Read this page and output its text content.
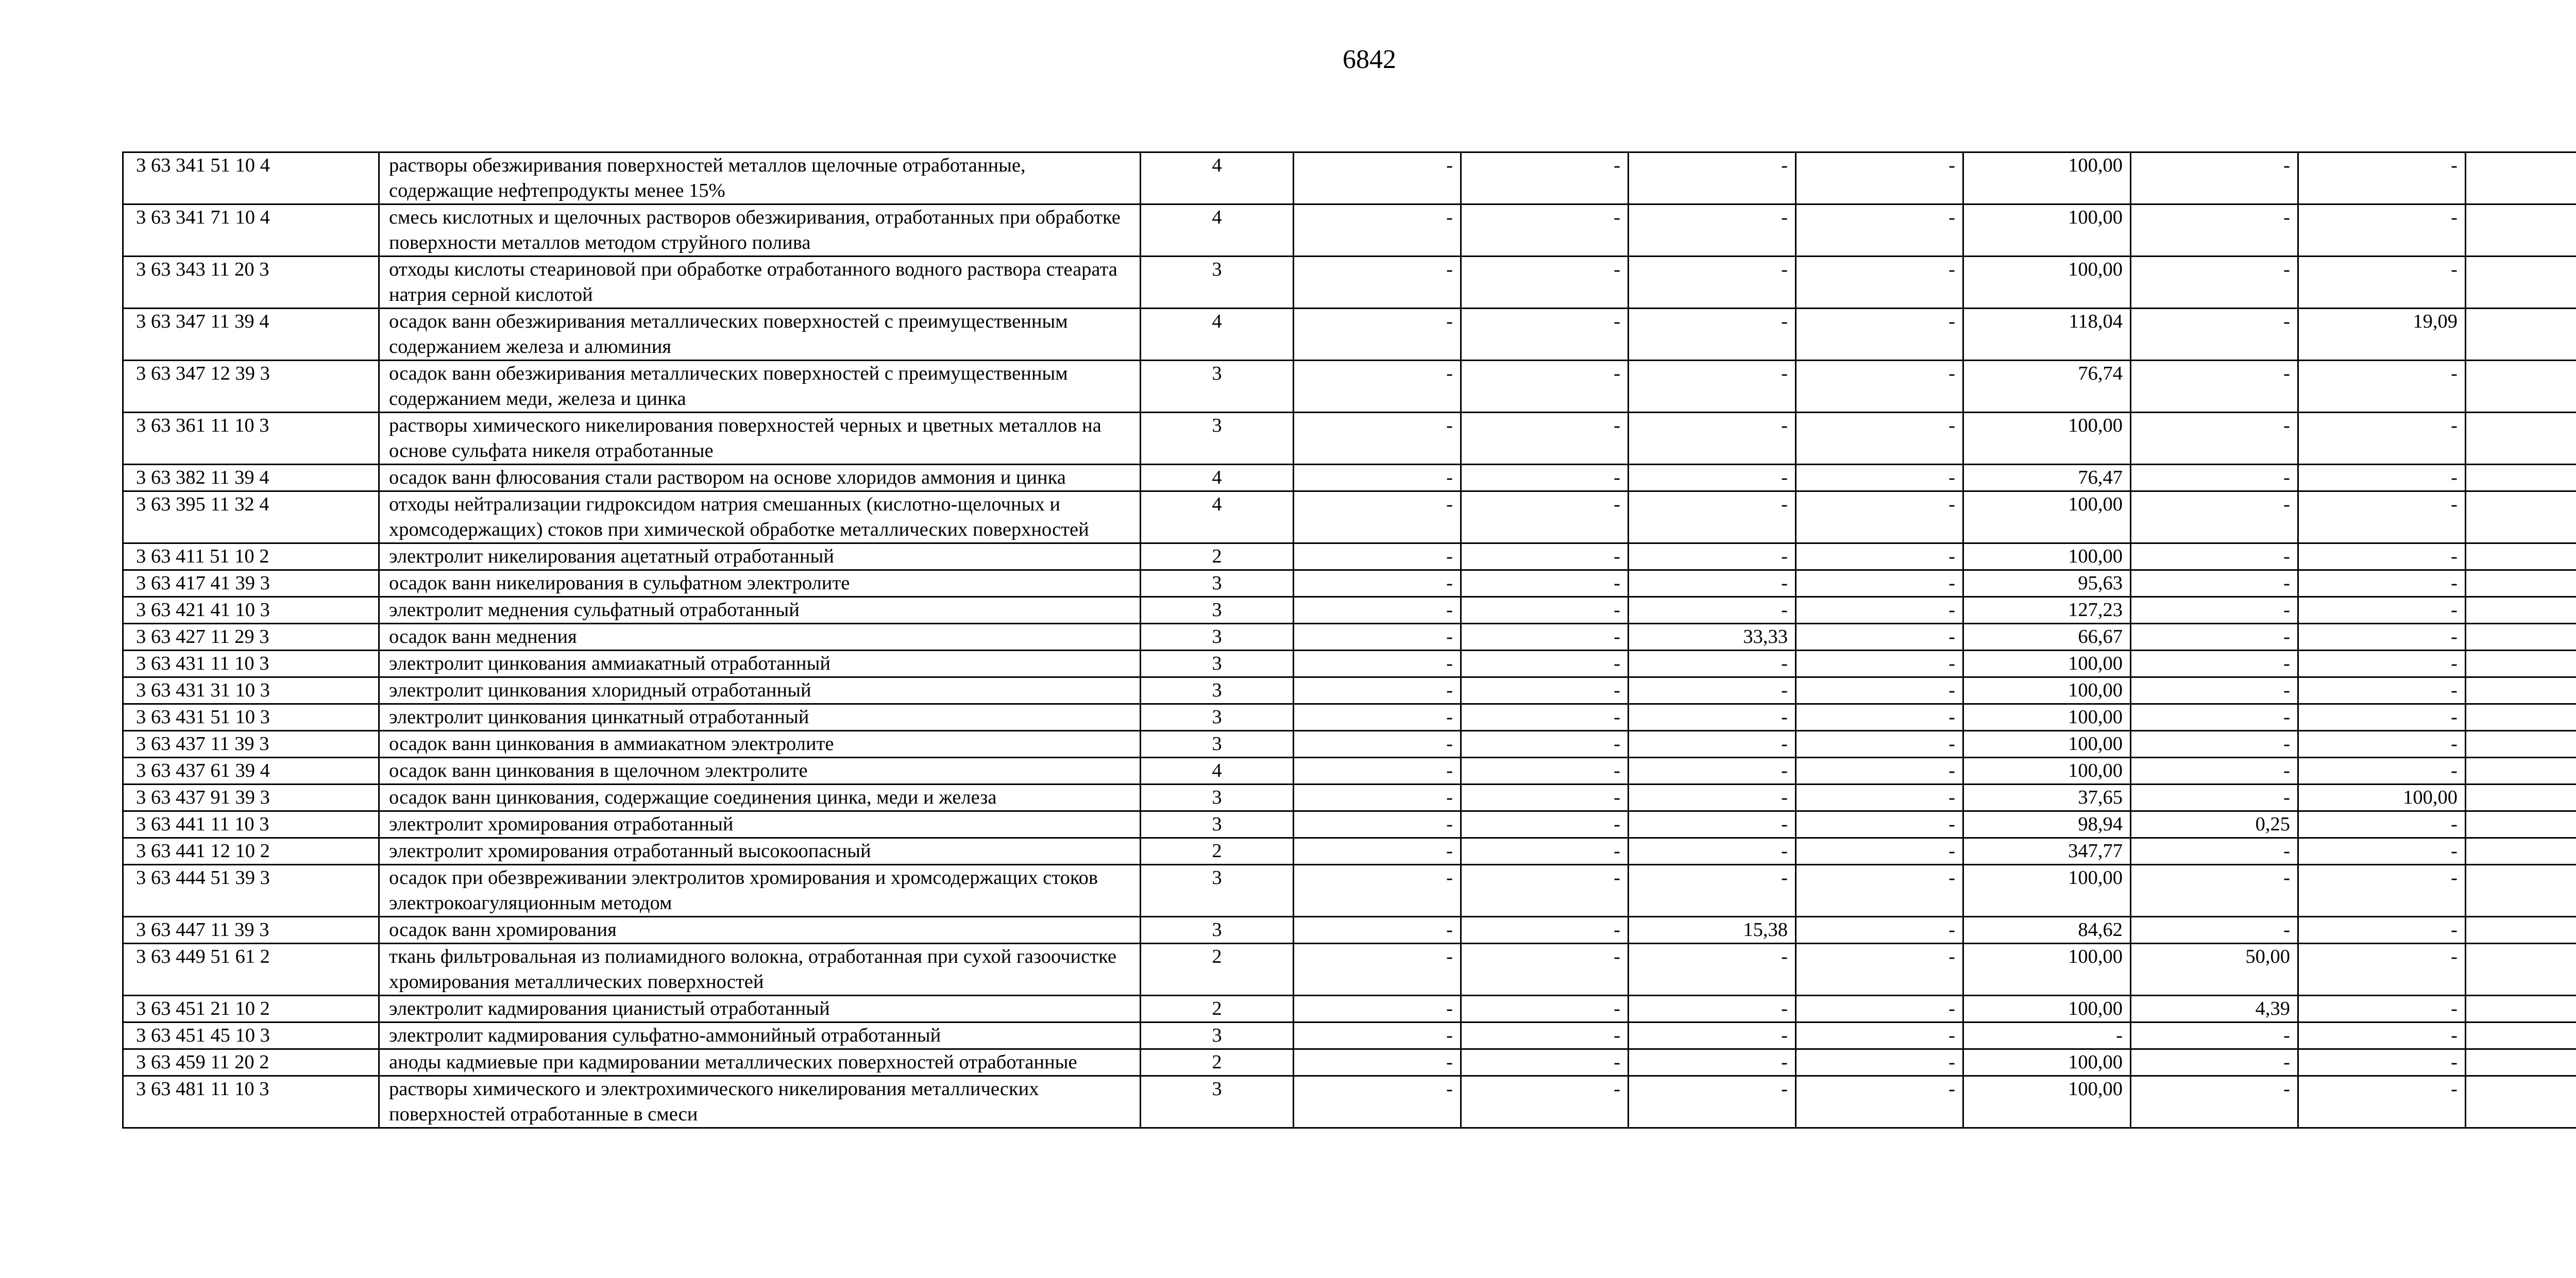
6842
3 63 341 51 10 4	растворы обезжиривания поверхностей металлов щелочные отработанные, содержащие нефтепродукты менее 15%	4	-	-	-	-	100,00	-	-	
3 63 341 71 10 4	смесь кислотных и щелочных растворов обезжиривания, отработанных при обработке поверхности металлов методом струйного полива	4	-	-	-	-	100,00	-	-	
3 63 343 11 20 3	отходы кислоты стеариновой при обработке отработанного водного раствора стеарата натрия серной кислотой	3	-	-	-	-	100,00	-	-	
3 63 347 11 39 4	осадок ванн обезжиривания металлических поверхностей с преимущественным содержанием железа и алюминия	4	-	-	-	-	118,04	-	19,09	
3 63 347 12 39 3	осадок ванн обезжиривания металлических поверхностей с преимущественным содержанием меди, железа и цинка	3	-	-	-	-	76,74	-	-	
3 63 361 11 10 3	растворы химического никелирования поверхностей черных и цветных металлов на основе сульфата никеля отработанные	3	-	-	-	-	100,00	-	-	
3 63 382 11 39 4	осадок ванн флюсования стали раствором на основе хлоридов аммония и цинка	4	-	-	-	-	76,47	-	-	
3 63 395 11 32 4	отходы нейтрализации гидроксидом натрия смешанных (кислотно-щелочных и хромсодержащих) стоков при химической обработке металлических поверхностей	4	-	-	-	-	100,00	-	-	
3 63 411 51 10 2	электролит никелирования ацетатный отработанный	2	-	-	-	-	100,00	-	-	
3 63 417 41 39 3	осадок ванн никелирования в сульфатном электролите	3	-	-	-	-	95,63	-	-	
3 63 421 41 10 3	электролит меднения сульфатный отработанный	3	-	-	-	-	127,23	-	-	
3 63 427 11 29 3	осадок ванн меднения	3	-	-	33,33	-	66,67	-	-	
3 63 431 11 10 3	электролит цинкования аммиакатный отработанный	3	-	-	-	-	100,00	-	-	
3 63 431 31 10 3	электролит цинкования хлоридный отработанный	3	-	-	-	-	100,00	-	-	
3 63 431 51 10 3	электролит цинкования цинкатный отработанный	3	-	-	-	-	100,00	-	-	
3 63 437 11 39 3	осадок ванн цинкования в аммиакатном электролите	3	-	-	-	-	100,00	-	-	
3 63 437 61 39 4	осадок ванн цинкования в щелочном электролите	4	-	-	-	-	100,00	-	-	
3 63 437 91 39 3	осадок ванн цинкования, содержащие соединения цинка, меди и железа	3	-	-	-	-	37,65	-	100,00	
3 63 441 11 10 3	электролит хромирования отработанный	3	-	-	-	-	98,94	0,25	-	
3 63 441 12 10 2	электролит хромирования отработанный высокоопасный	2	-	-	-	-	347,77	-	-	
3 63 444 51 39 3	осадок при обезвреживании электролитов хромирования и хромсодержащих стоков электрокоагуляционным методом	3	-	-	-	-	100,00	-	-	
3 63 447 11 39 3	осадок ванн хромирования	3	-	-	15,38	-	84,62	-	-	
3 63 449 51 61 2	ткань фильтровальная из полиамидного волокна, отработанная при сухой газоочистке хромирования металлических поверхностей	2	-	-	-	-	100,00	50,00	-	
3 63 451 21 10 2	электролит кадмирования цианистый отработанный	2	-	-	-	-	100,00	4,39	-	
3 63 451 45 10 3	электролит кадмирования сульфатно-аммонийный отработанный	3	-	-	-	-	-	-	-	
3 63 459 11 20 2	аноды кадмиевые при кадмировании металлических поверхностей отработанные	2	-	-	-	-	100,00	-	-	
3 63 481 11 10 3	растворы химического и электрохимического никелирования металлических поверхностей отработанные в смеси	3	-	-	-	-	100,00	-	-	
